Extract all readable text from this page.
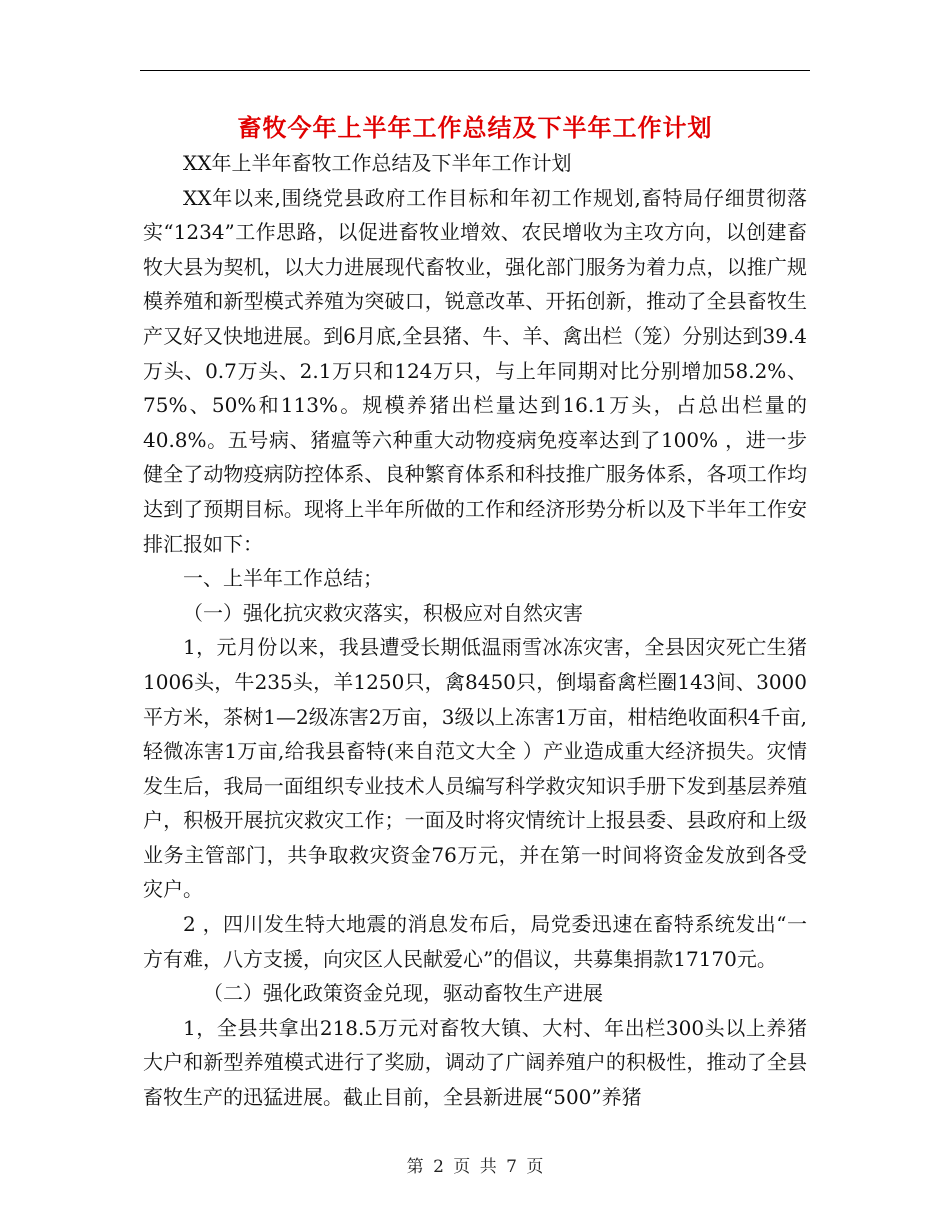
畜牧今年上半年工作总结及下半年工作计划

XX年上半年畜牧工作总结及下半年工作计划

XX年以来,围绕党县政府工作目标和年初工作规划,畜特局仔细贯彻落实“1234”工作思路，以促进畜牧业增效、农民增收为主攻方向，以创建畜牧大县为契机，以大力进展现代畜牧业，强化部门服务为着力点，以推广规模养殖和新型模式养殖为突破口，锐意改革、开拓创新，推动了全县畜牧生产又好又快地进展。到6月底,全县猪、牛、羊、禽出栏（笼）分别达到39.4万头、0.7万头、2.1万只和124万只，与上年同期对比分别增加58.2%、75%、50%和113%。规模养猪出栏量达到16.1万头，占总出栏量的40.8%。五号病、猪瘟等六种重大动物疫病免疫率达到了100% ，进一步健全了动物疫病防控体系、良种繁育体系和科技推广服务体系，各项工作均达到了预期目标。现将上半年所做的工作和经济形势分析以及下半年工作安排汇报如下：

一、上半年工作总结；

（一）强化抗灾救灾落实，积极应对自然灾害

1，元月份以来，我县遭受长期低温雨雪冰冻灾害，全县因灾死亡生猪1006头，牛235头，羊1250只，禽8450只，倒塌畜禽栏圈143间、3000平方米，茶树1—2级冻害2万亩，3级以上冻害1万亩，柑桔绝收面积4千亩,轻微冻害1万亩,给我县畜特(来自范文大全 ）产业造成重大经济损失。灾情发生后，我局一面组织专业技术人员编写科学救灾知识手册下发到基层养殖户，积极开展抗灾救灾工作；一面及时将灾情统计上报县委、县政府和上级业务主管部门，共争取救灾资金76万元，并在第一时间将资金发放到各受灾户。

2 ，四川发生特大地震的消息发布后，局党委迅速在畜特系统发出“一方有难，八方支援，向灾区人民献爱心”的倡议，共募集捐款17170元。

（二）强化政策资金兑现，驱动畜牧生产进展

1，全县共拿出218.5万元对畜牧大镇、大村、年出栏300头以上养猪大户和新型养殖模式进行了奖励，调动了广阔养殖户的积极性，推动了全县畜牧生产的迅猛进展。截止目前，全县新进展“500”养猪

第 2 页 共 7 页
